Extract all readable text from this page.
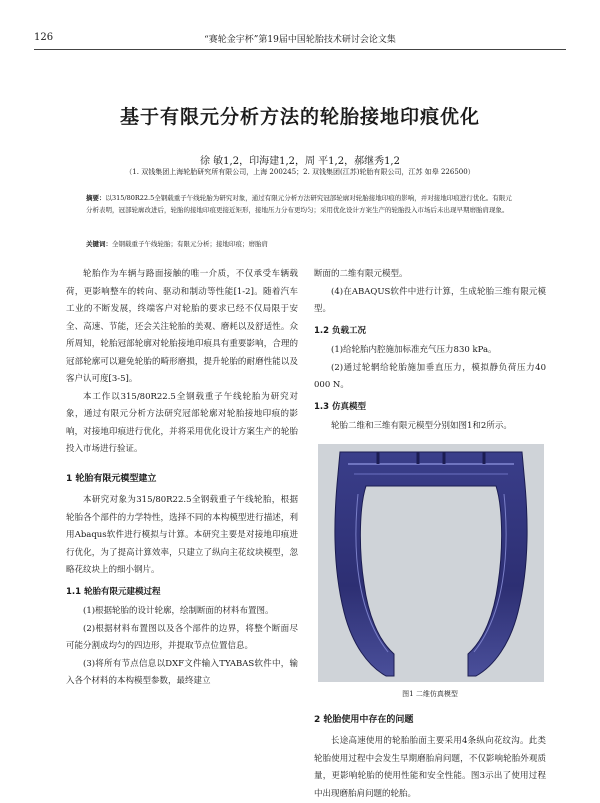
126	“赛轮金宇杯”第19届中国轮胎技术研讨会论文集
基于有限元分析方法的轮胎接地印痕优化
徐 敏1,2，印海建1,2，周 平1,2，郝继秀1,2
（1. 双钱集团上海轮胎研究所有限公司，上海 200245；2. 双钱集团(江苏)轮胎有限公司，江苏 如皋 226500）
摘要：以315/80R22.5全钢载重子午线轮胎为研究对象，通过有限元分析方法研究冠部轮廓对轮胎接地印痕的影响，并对接地印痕进行优化。有限元分析表明，冠部轮廓改进后，轮胎的接地印痕更接近矩形，接地压力分布更均匀；采用优化设计方案生产的轮胎投入市场后未出现早期磨胎肩现象。
关键词：全钢载重子午线轮胎；有限元分析；接地印痕；磨胎肩

轮胎作为车辆与路面接触的唯一介质，不仅承受车辆载荷，更影响整车的转向、驱动和制动等性能[1-2]。随着汽车工业的不断发展，终端客户对轮胎的要求已经不仅局限于安全、高速、节能，还会关注轮胎的美观、磨耗以及舒适性。众所周知，轮胎冠部轮廓对轮胎接地印痕具有重要影响，合理的冠部轮廓可以避免轮胎的畸形磨损，提升轮胎的耐磨性能以及客户认可度[3-5]。

本工作以315/80R22.5全钢载重子午线轮胎为研究对象，通过有限元分析方法研究冠部轮廓对轮胎接地印痕的影响，对接地印痕进行优化，并将采用优化设计方案生产的轮胎投入市场进行验证。

1 轮胎有限元模型建立

本研究对象为315/80R22.5全钢载重子午线轮胎，根据轮胎各个部件的力学特性，选择不同的本构模型进行描述，利用Abaqus软件进行模拟与计算。本研究主要是对接地印痕进行优化，为了提高计算效率，只建立了纵向主花纹块模型，忽略花纹块上的细小钢片。

1.1 轮胎有限元建模过程

(1)根据轮胎的设计轮廓，绘制断面的材料布置图。

(2)根据材料布置图以及各个部件的边界，将整个断面尽可能分割成均匀的四边形，并提取节点位置信息。

(3)将所有节点信息以DXF文件输入TYABAS软件中，输入各个材料的本构模型参数，最终建立

断面的二维有限元模型。

(4)在ABAQUS软件中进行计算，生成轮胎三维有限元模型。

1.2 负载工况

(1)给轮胎内腔施加标准充气压力830 kPa。

(2)通过轮辋给轮胎施加垂直压力，模拟静负荷压力40 000 N。

1.3 仿真模型

轮胎二维和三维有限元模型分别如图1和2所示。

图1 二维仿真模型
2 轮胎使用中存在的问题

长途高速使用的轮胎胎面主要采用4条纵向花纹沟。此类轮胎使用过程中会发生早期磨胎肩问题，不仅影响轮胎外观质量，更影响轮胎的使用性能和安全性能。图3示出了使用过程中出现磨胎肩问题的轮胎。
